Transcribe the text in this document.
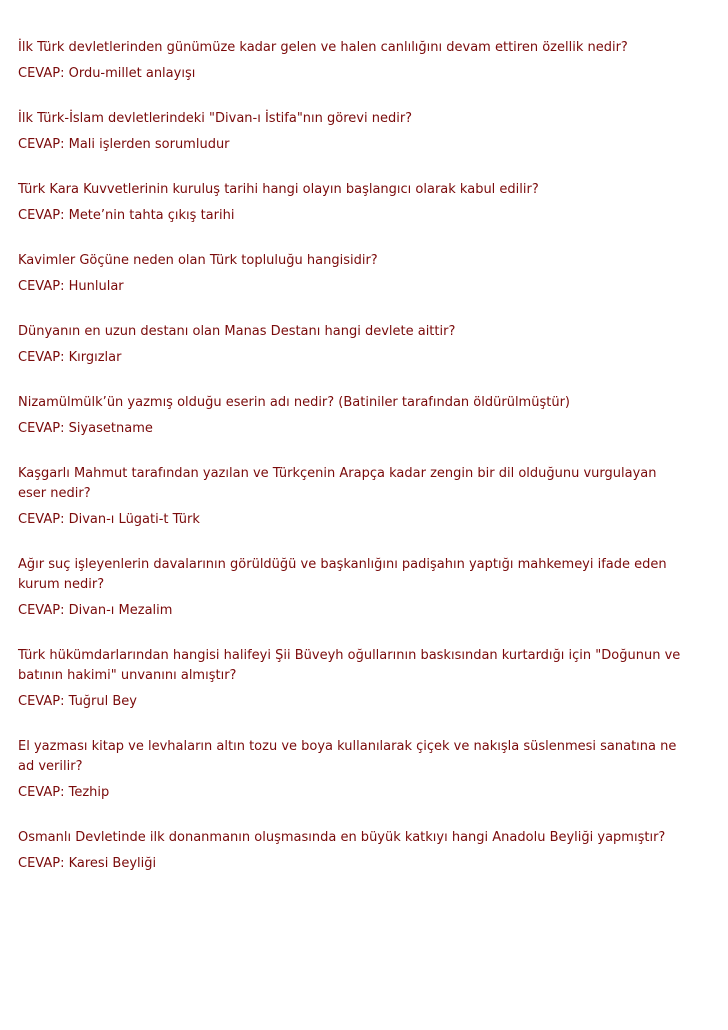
İlk Türk devletlerinden günümüze kadar gelen ve halen canlılığını devam ettiren özellik nedir?

CEVAP: Ordu-millet anlayışı

İlk Türk-İslam devletlerindeki "Divan-ı İstifa"nın görevi nedir?

CEVAP: Mali işlerden sorumludur

Türk Kara Kuvvetlerinin kuruluş tarihi hangi olayın başlangıcı olarak kabul edilir?

CEVAP: Mete’nin tahta çıkış tarihi

Kavimler Göçüne neden olan Türk topluluğu hangisidir?

CEVAP: Hunlular

Dünyanın en uzun destanı olan Manas Destanı hangi devlete aittir?

CEVAP: Kırgızlar

Nizamülmülk’ün yazmış olduğu eserin adı nedir? (Batiniler tarafından öldürülmüştür)

CEVAP: Siyasetname

Kaşgarlı Mahmut tarafından yazılan ve Türkçenin Arapça kadar zengin bir dil olduğunu vurgulayan eser nedir?

CEVAP: Divan-ı Lügati-t Türk

Ağır suç işleyenlerin davalarının görüldüğü ve başkanlığını padişahın yaptığı mahkemeyi ifade eden kurum nedir?

CEVAP: Divan-ı Mezalim

Türk hükümdarlarından hangisi halifeyi Şii Büveyh oğullarının baskısından kurtardığı için "Doğunun ve batının hakimi" unvanını almıştır?

CEVAP: Tuğrul Bey

El yazması kitap ve levhaların altın tozu ve boya kullanılarak çiçek ve nakışla süslenmesi sanatına ne ad verilir?

CEVAP: Tezhip

Osmanlı Devletinde ilk donanmanın oluşmasında en büyük katkıyı hangi Anadolu Beyliği yapmıştır?

CEVAP: Karesi Beyliği
